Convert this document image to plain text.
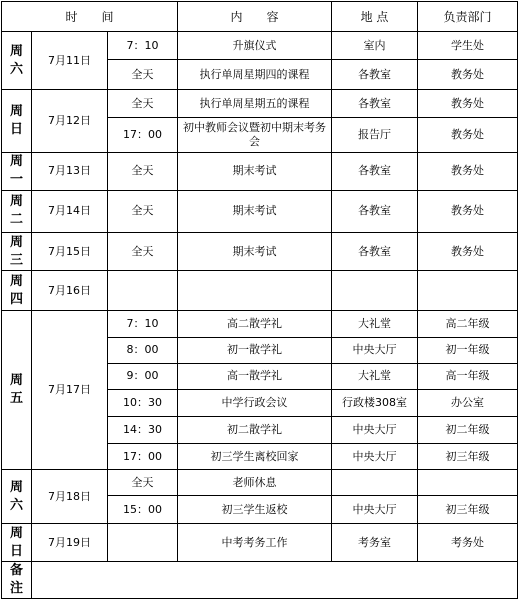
时　　间			内　　容	地 点	负责部门

周六	7月11日	7：10	升旗仪式	室内	学生处
		全天	执行单周星期四的课程	各教室	教务处

周日	7月12日	全天	执行单周星期五的课程	各教室	教务处
		17：00	初中教师会议暨初中期末考务会	报告厅	教务处

周一	7月13日	全天	期末考试	各教室	教务处

周二	7月14日	全天	期末考试	各教室	教务处

周三	7月15日	全天	期末考试	各教室	教务处

周四	7月16日				

周五	7月17日	7：10	高二散学礼	大礼堂	高二年级
		8：00	初一散学礼	中央大厅	初一年级
		9：00	高一散学礼	大礼堂	高一年级
		10：30	中学行政会议	行政楼308室	办公室
		14：30	初二散学礼	中央大厅	初二年级
		17：00	初三学生离校回家	中央大厅	初三年级

周六	7月18日	全天	老师休息		
		15：00	初三学生返校	中央大厅	初三年级

周日	7月19日		中考考务工作	考务室	考务处

备注					
